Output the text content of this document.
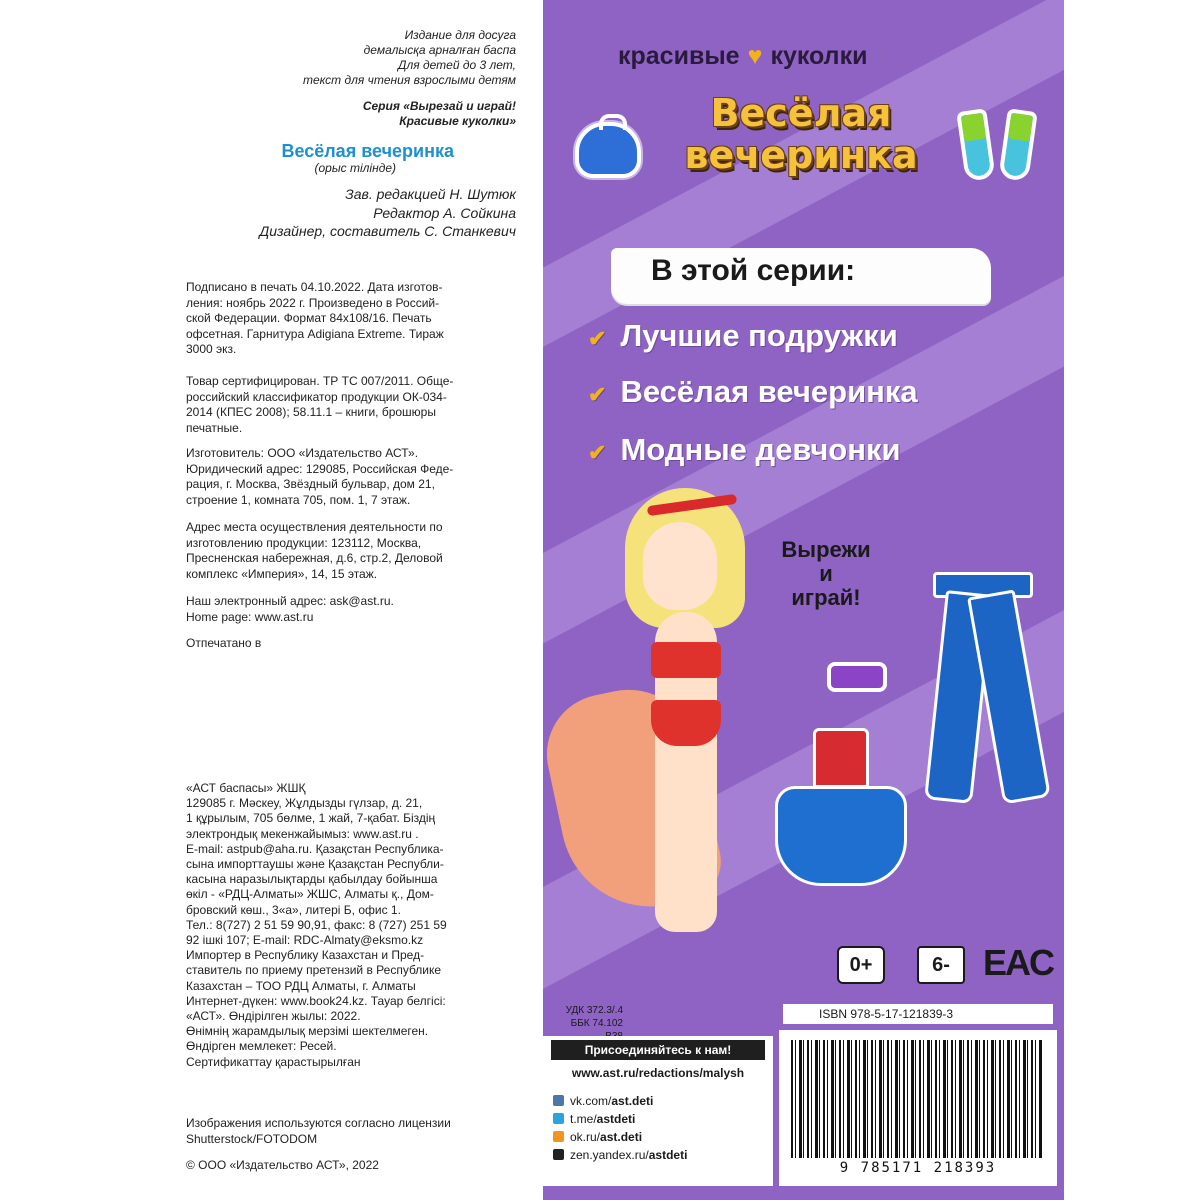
Издание для досуга
демалысқа арналған баспа
Для детей до 3 лет,
текст для чтения взрослыми детям
Серия «Вырезай и играй!
Красивые куколки»
Весёлая вечеринка
(орыс тілінде)
Зав. редакцией Н. Шутюк
Редактор А. Сойкина
Дизайнер, составитель С. Станкевич

Подписано в печать 04.10.2022. Дата изготов-

ления: ноябрь 2022 г. Произведено в Россий-

ской Федерации. Формат 84x108/16. Печать

офсетная. Гарнитура Adigiana Extreme. Тираж

3000 экз.

Товар сертифицирован. ТР ТС 007/2011. Обще-

российский классификатор продукции ОК-034-

2014 (КПЕС 2008); 58.11.1 – книги, брошюры

печатные.

Изготовитель: ООО «Издательство АСТ».

Юридический адрес: 129085, Российская Феде-

рация, г. Москва, Звёздный бульвар, дом 21,

строение 1, комната 705, пом. 1, 7 этаж.

Адрес места осуществления деятельности по

изготовлению продукции: 123112, Москва,

Пресненская набережная, д.6, стр.2, Деловой

комплекс «Империя», 14, 15 этаж.

Наш электронный адрес: ask@ast.ru.

Home page: www.ast.ru

Отпечатано в

«АСТ баспасы» ЖШҚ

129085 г. Мәскеу, Жұлдызды гүлзар, д. 21,

1 құрылым, 705 бөлме, 1 жай, 7-қабат. Біздің

электрондық мекенжайымыз: www.ast.ru .

E-mail: astpub@aha.ru. Қазақстан Республика-

сына импорттаушы және Қазақстан Республи-

касына наразылықтарды қабылдау бойынша

өкіл - «РДЦ-Алматы» ЖШС, Алматы қ., Дом-

бровский көш., 3«а», литері Б, офис 1.

Тел.: 8(727) 2 51 59 90,91, факс: 8 (727) 251 59

92 ішкі 107; E-mail: RDC-Almaty@eksmo.kz

Импортер в Республику Казахстан и Пред-

ставитель по приему претензий в Республике

Казахстан – ТОО РДЦ Алматы, г. Алматы

Интернет-дүкен: www.book24.kz. Тауар белгісі:

«АСТ». Өндірілген жылы: 2022.

Өнімнің жарамдылық мерзімі шектелмеген.

Өндірген мемлекет: Ресей.

Сертификаттау қарастырылған

Изображения используются согласно лицензии

Shutterstock/FOTODOM

© ООО «Издательство АСТ», 2022

красивые ♥ куколки
Весёлая
вечеринка
В этой серии:
✔ Лучшие подружки
✔ Весёлая вечеринка
✔ Модные девчонки
Вырежи
и
играй!
0+	6- EAC
УДК 372.3/.4
ББК 74.102
ISBN 978-5-17-121839-3
Присоединяйтесь к нам!
www.ast.ru/redactions/malysh
vk.com/ast.deti
t.me/astdeti
ok.ru/ast.deti
zen.yandex.ru/astdeti
9 785171 218393
